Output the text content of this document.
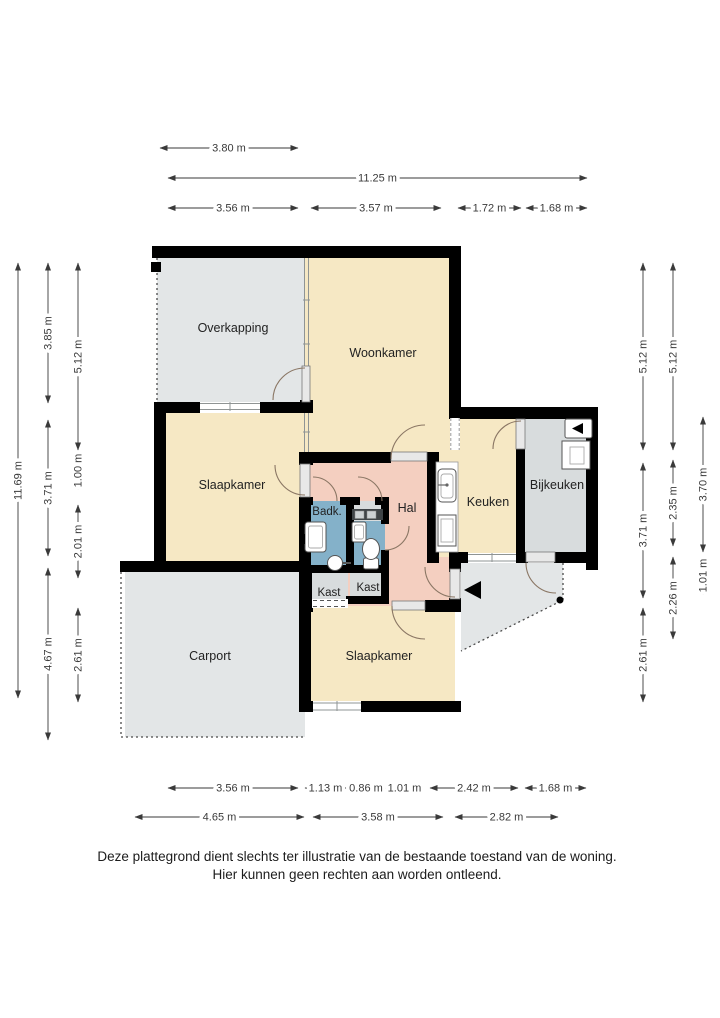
Overkapping
Woonkamer
Slaapkamer
Badk.	Hal	Keuken
Bijkeuken
Kast Kast
Carport	Slaapkamer
3.80 m
11.25 m
3.56 m	3.57 m	1.72 m	1.68 m
11.69 m
3.85 m
3.71 m
4.67 m
5.12 m
1.00 m
2.01 m
2.61 m
5.12 m
3.71 m
2.61 m
5.12 m
2.35 m
2.26 m
3.70 m
1.01 m
3.56 m	1.13 m 0.86 m 1.01 m	2.42 m	1.68 m
4.65 m	3.58 m	2.82 m
Deze plattegrond dient slechts ter illustratie van de bestaande toestand van de woning.
Hier kunnen geen rechten aan worden ontleend.
